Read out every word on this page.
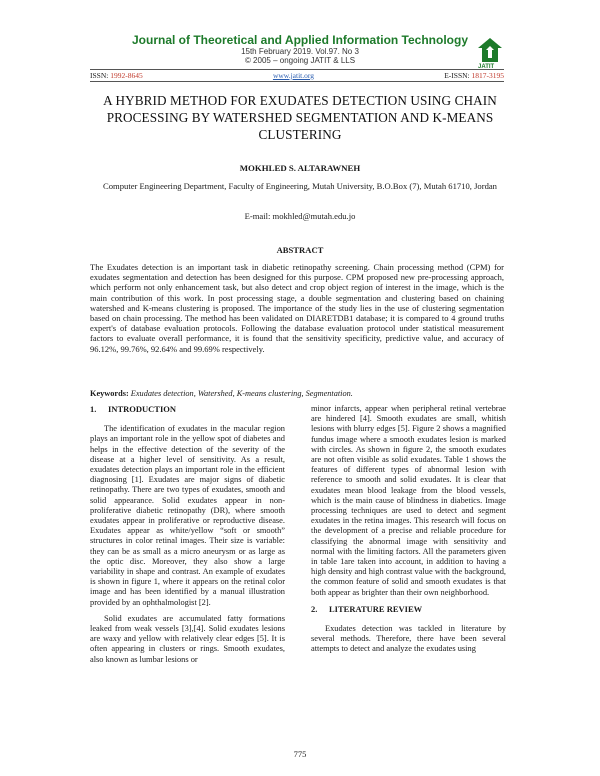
Journal of Theoretical and Applied Information Technology
15th February 2019. Vol.97. No 3
© 2005 – ongoing JATIT & LLS
JATIT
ISSN: 1992-8645	www.jatit.org	E-ISSN: 1817-3195
A HYBRID METHOD FOR EXUDATES DETECTION USING CHAIN PROCESSING BY WATERSHED SEGMENTATION AND K-MEANS CLUSTERING
MOKHLED S. ALTARAWNEH
Computer Engineering Department, Faculty of Engineering, Mutah University, B.O.Box (7), Mutah 61710, Jordan
E-mail: mokhled@mutah.edu.jo
ABSTRACT
The Exudates detection is an important task in diabetic retinopathy screening. Chain processing method (CPM) for exudates segmentation and detection has been designed for this purpose. CPM proposed new pre-processing approach, which perform not only enhancement task, but also detect and crop object region of interest in the image, which is the main contribution of this work. In post processing stage, a double segmentation and clustering based on chaining watershed and K-means clustering is proposed. The importance of the study lies in the use of clustering segmentation based on chain processing. The method has been validated on DIARETDB1 database; it is compared to 4 ground truths expert's of database evaluation protocols. Following the database evaluation protocol under statistical measurement factors to evaluate overall performance, it is found that the sensitivity specificity, predictive value, and accuracy of 96.12%, 99.76%, 92.64% and 99.69% respectively.
Keywords: Exudates detection, Watershed, K-means clustering, Segmentation.
1. INTRODUCTION

The identification of exudates in the macular region plays an important role in the yellow spot of diabetes and helps in the effective detection of the severity of the disease at a higher level of sensitivity. As a result, exudates detection plays an important role in the efficient diagnosing [1]. Exudates are major signs of diabetic retinopathy. There are two types of exudates, smooth and solid appearance. Solid exudates appear in non-proliferative diabetic retinopathy (DR), where smooth exudates appear in proliferative or reproductive disease. Exudates appear as white/yellow “soft or smooth” structures in color retinal images. Their size is variable: they can be as small as a micro aneurysm or as large as the optic disc. Moreover, they also show a large variability in shape and contrast. An example of exudates is shown in figure 1, where it appears on the retinal color image and has been identified by a manual illustration provided by an ophthalmologist [2].

Solid exudates are accumulated fatty formations leaked from weak vessels [3],[4]. Solid exudates lesions are waxy and yellow with relatively clear edges [5]. It is often appearing in clusters or rings. Smooth exudates, also known as lumbar lesions or

minor infarcts, appear when peripheral retinal vertebrae are hindered [4]. Smooth exudates are small, whitish lesions with blurry edges [5]. Figure 2 shows a magnified fundus image where a smooth exudates lesion is marked with circles. As shown in figure 2, the smooth exudates are not often visible as solid exudates. Table 1 shows the features of different types of abnormal lesion with reference to smooth and solid exudates. It is clear that exudates mean blood leakage from the blood vessels, which is the main cause of blindness in diabetics. Image processing techniques are used to detect and segment exudates in the retina images. This research will focus on the development of a precise and reliable procedure for classifying the abnormal image with sensitivity and normal with the limiting factors. All the parameters given in table 1are taken into account, in addition to having a high density and high contrast value with the background, the common feature of solid and smooth exudates is that both appear as brighter than their own neighborhood.

2. LITERATURE REVIEW

Exudates detection was tackled in literature by several methods. Therefore, there have been several attempts to detect and analyze the exudates using

775
